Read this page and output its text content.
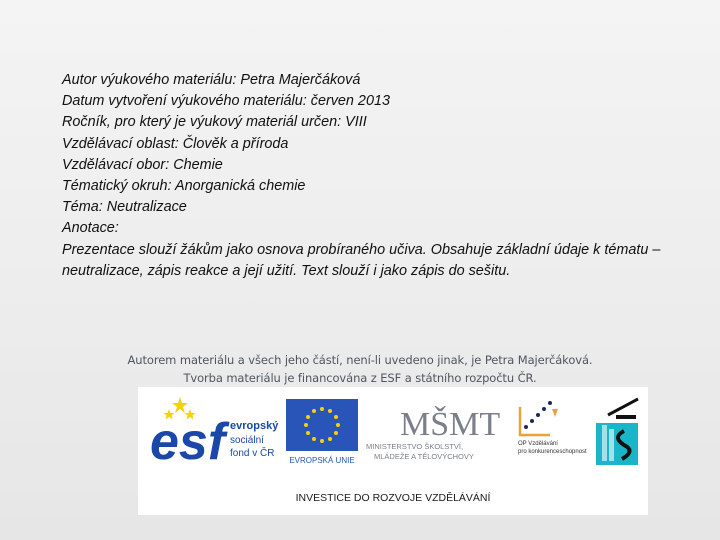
Autor výukového materiálu: Petra Majerčáková
Datum vytvoření výukového materiálu: červen 2013
Ročník, pro který je výukový materiál určen: VIII
Vzdělávací oblast: Člověk a příroda
Vzdělávací obor: Chemie
Tématický okruh: Anorganická chemie
Téma: Neutralizace
Anotace:
Prezentace slouží žákům jako osnova probíraného učiva. Obsahuje základní údaje k tématu –neutralizace, zápis reakce a její užití. Text slouží i jako zápis do sešitu.
Autorem materiálu a všech jeho částí, není-li uvedeno jinak, je Petra Majerčáková.
Tvorba materiálu je financována z ESF a státního rozpočtu ČR.
esf evropský
sociální
fond v ČR
EVROPSKÁ UNIE
MŠMT
MINISTERSTVO ŠKOLSTVÍ,
MLÁDEŽE A TĚLOVÝCHOVY
OP Vzdělávání
pro konkurenceschopnost
INVESTICE DO ROZVOJE VZDĚLÁVÁNÍ
